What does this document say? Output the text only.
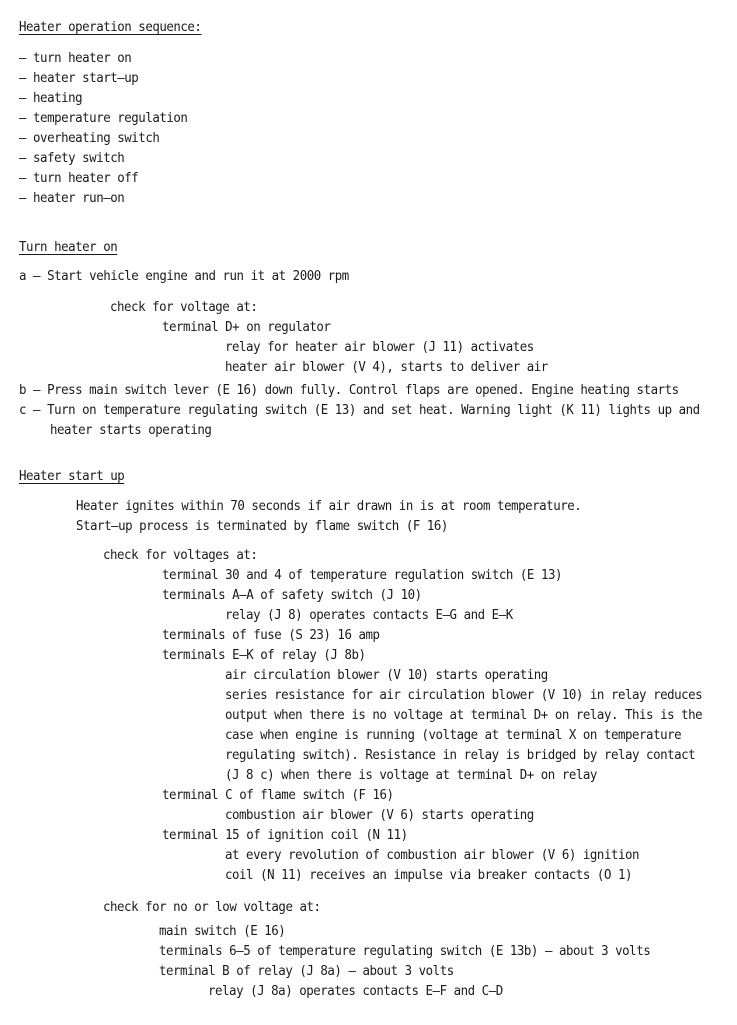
Heater operation sequence:
– turn heater on
– heater start–up
– heating
– temperature regulation
– overheating switch
– safety switch
– turn heater off
– heater run–on
Turn heater on
a – Start vehicle engine and run it at 2000 rpm
check for voltage at:
terminal D+ on regulator
relay for heater air blower (J 11) activates
heater air blower (V 4), starts to deliver air
b – Press main switch lever (E 16) down fully. Control flaps are opened. Engine heating starts
c – Turn on temperature regulating switch (E 13) and set heat. Warning light (K 11) lights up and
heater starts operating
Heater start up
Heater ignites within 70 seconds if air drawn in is at room temperature.
Start–up process is terminated by flame switch (F 16)
check for voltages at:
terminal 30 and 4 of temperature regulation switch (E 13)
terminals A–A of safety switch (J 10)
relay (J 8) operates contacts E–G and E–K
terminals of fuse (S 23) 16 amp
terminals E–K of relay (J 8b)
air circulation blower (V 10) starts operating
series resistance for air circulation blower (V 10) in relay reduces
output when there is no voltage at terminal D+ on relay. This is the
case when engine is running (voltage at terminal X on temperature
regulating switch). Resistance in relay is bridged by relay contact
(J 8 c) when there is voltage at terminal D+ on relay
terminal C of flame switch (F 16)
combustion air blower (V 6) starts operating
terminal 15 of ignition coil (N 11)
at every revolution of combustion air blower (V 6) ignition
coil (N 11) receives an impulse via breaker contacts (O 1)
check for no or low voltage at:
main switch (E 16)
terminals 6–5 of temperature regulating switch (E 13b) – about 3 volts
terminal B of relay (J 8a) – about 3 volts
relay (J 8a) operates contacts E–F and C–D
